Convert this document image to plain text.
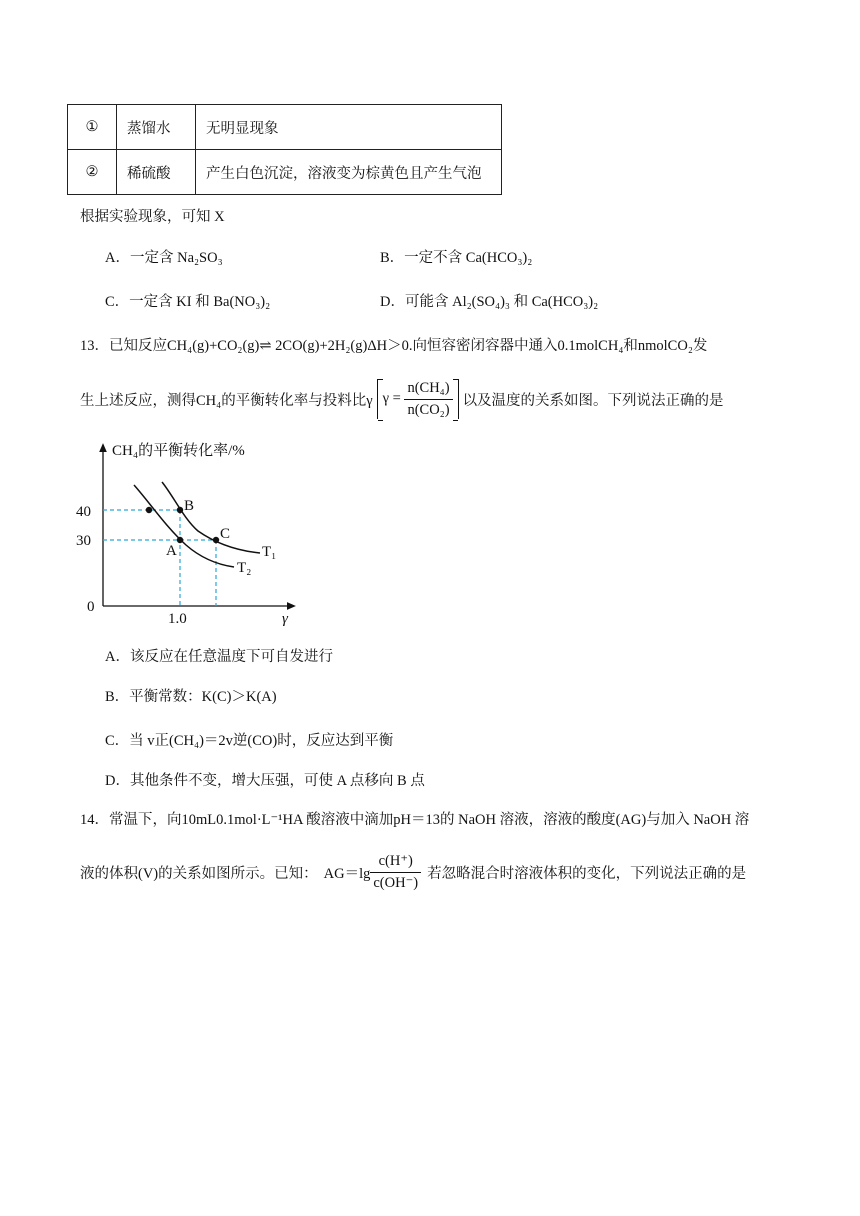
①	蒸馏水	无明显现象
②	稀硫酸	产生白色沉淀，溶液变为棕黄色且产生气泡
根据实验现象，可知 X
A．一定含 Na₂SO₃	B．一定不含 Ca(HCO₃)₂
C．一定含 KI 和 Ba(NO₃)₂	D．可能含 Al₂(SO₄)₃ 和 Ca(HCO₃)₂
13．已知反应CH₄(g)+CO₂(g)⇌ 2CO(g)+2H₂(g)ΔH＞0.向恒容密闭容器中通入0.1molCH₄和nmolCO₂发
生上述反应，测得CH₄的平衡转化率与投料比γ $\gamma = \frac{\text{n(CH₄)}}{\text{n(CO₂)}}$ 以及温度的关系如图。下列说法正确的是
CH₄的平衡转化率/%
γ
40
30
0
1.0
B
A
C
T₁
T₂
A．该反应在任意温度下可自发进行
B．平衡常数：K(C)＞K(A)
C．当 v正(CH₄)＝2v逆(CO)时，反应达到平衡
D．其他条件不变，增大压强，可使 A 点移向 B 点
14．常温下，向10mL0.1mol·L⁻¹HA 酸溶液中滴加pH＝13的 NaOH 溶液，溶液的酸度(AG)与加入 NaOH 溶
液的体积(V)的关系如图所示。已知： $AG=\lg \frac{c(H^+)}{c(OH^-)}$ 若忽略混合时溶液体积的变化，下列说法正确的是
